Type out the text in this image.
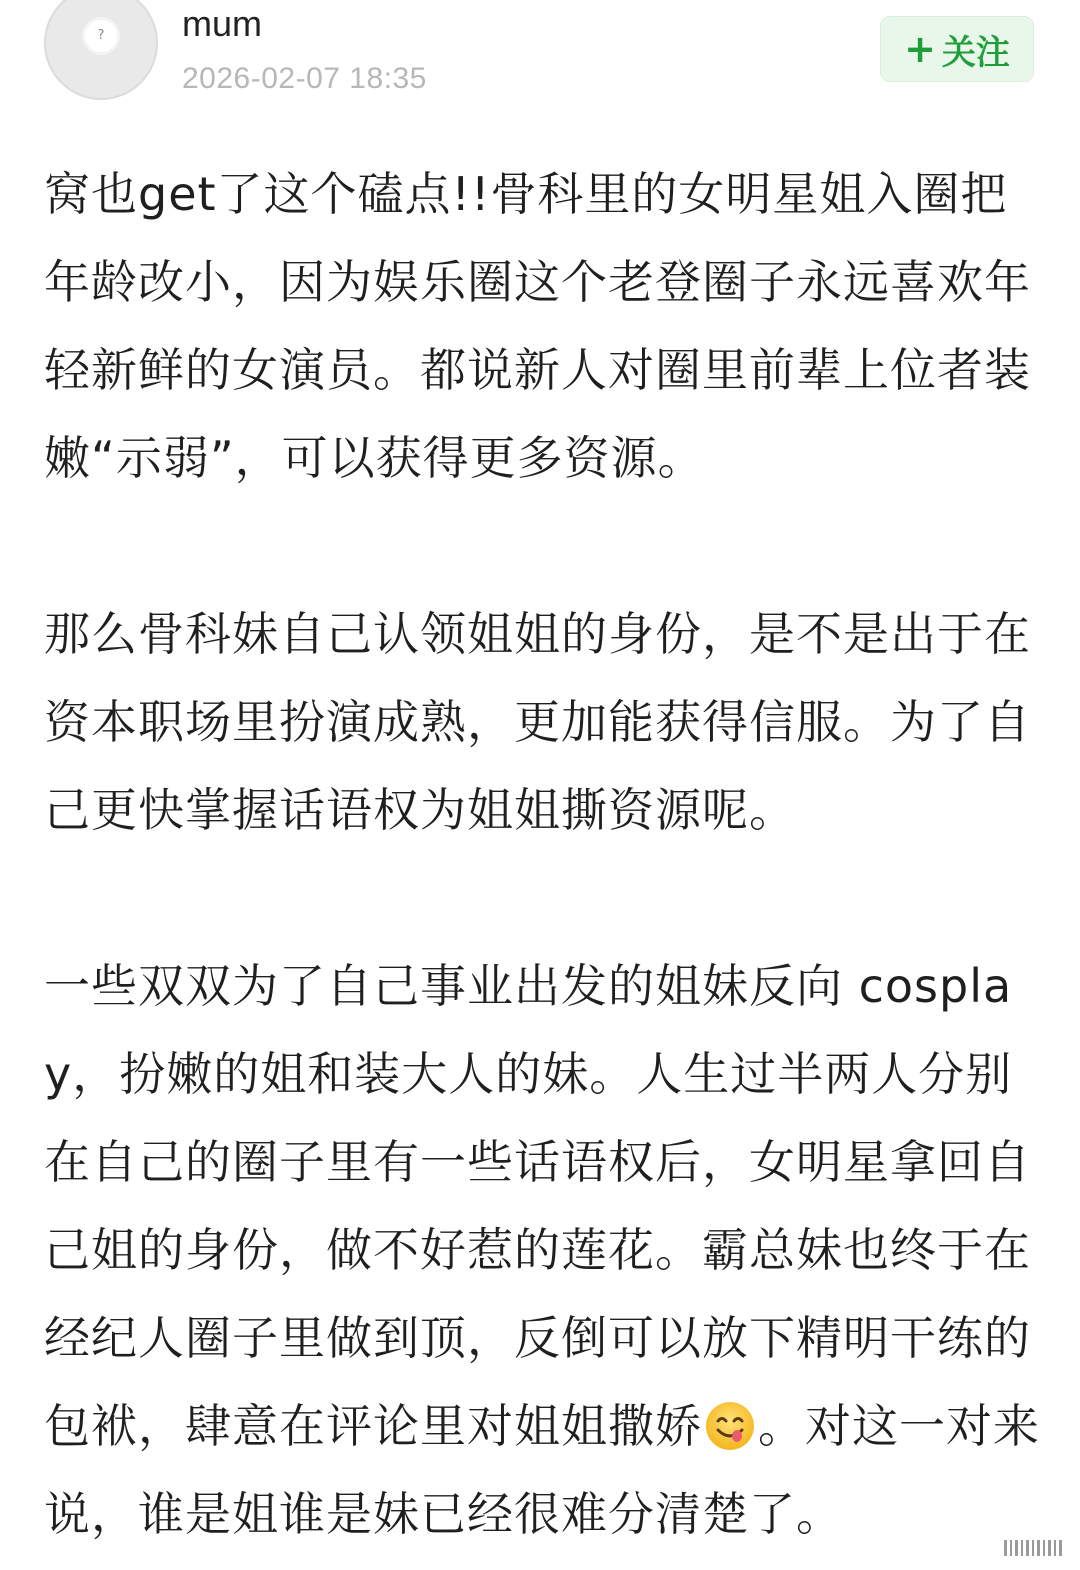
?	mum
2026-02-07 18:35
+ 关注

窝也get了这个磕点!!骨科里的女明星姐入圈把年龄改小，因为娱乐圈这个老登圈子永远喜欢年轻新鲜的女演员。都说新人对圈里前辈上位者装嫩“示弱”，可以获得更多资源。

那么骨科妹自己认领姐姐的身份，是不是出于在资本职场里扮演成熟，更加能获得信服。为了自己更快掌握话语权为姐姐撕资源呢。

一些双双为了自己事业出发的姐妹反向 cosplay，扮嫩的姐和装大人的妹。人生过半两人分别在自己的圈子里有一些话语权后，女明星拿回自己姐的身份，做不好惹的莲花。霸总妹也终于在经纪人圈子里做到顶，反倒可以放下精明干练的包袱，肆意在评论里对姐姐撒娇 。对这一对来说，谁是姐谁是妹已经很难分清楚了。
